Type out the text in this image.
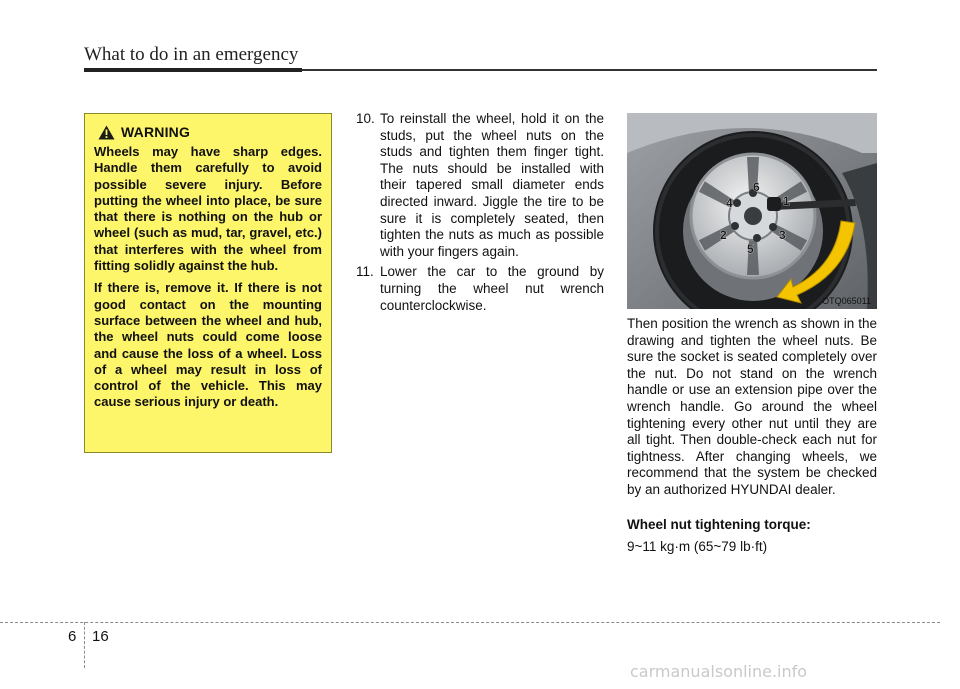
What to do in an emergency
WARNING

Wheels may have sharp edges. Handle them carefully to avoid possible severe injury. Before putting the wheel into place, be sure that there is nothing on the hub or wheel (such as mud, tar, gravel, etc.) that interferes with the wheel from fitting solidly against the hub.

If there is, remove it. If there is not good contact on the mounting surface between the wheel and hub, the wheel nuts could come loose and cause the loss of a wheel. Loss of a wheel may result in loss of control of the vehicle. This may cause serious injury or death.

10. To reinstall the wheel, hold it on the studs, put the wheel nuts on the studs and tighten them finger tight. The nuts should be installed with their tapered small diameter ends directed inward. Jiggle the tire to be sure it is completely seated, then tighten the nuts as much as possible with your fingers again.
11. Lower the car to the ground by turning the wheel nut wrench counterclockwise.
1
2	3
4
5
6
OTQ065011

Then position the wrench as shown in the drawing and tighten the wheel nuts. Be sure the socket is seated completely over the nut. Do not stand on the wrench handle or use an extension pipe over the wrench handle. Go around the wheel tightening every other nut until they are all tight. Then double-check each nut for tightness. After changing wheels, we recommend that the system be checked by an authorized HYUNDAI dealer.

Wheel nut tightening torque:

9~11 kg·m (65~79 lb·ft)

6 16
carmanualsonline.info
